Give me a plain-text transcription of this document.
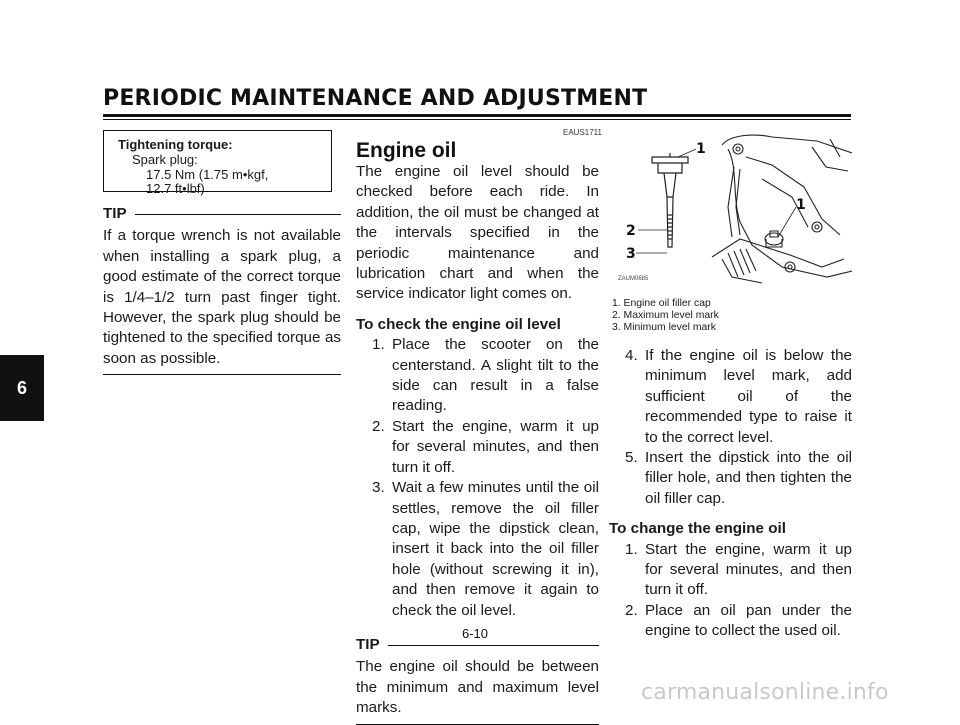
PERIODIC MAINTENANCE AND ADJUSTMENT
6
Tightening torque:
Spark plug:
17.5 Nm (1.75 m•kgf,
12.7 ft•lbf)
TIP

If a torque wrench is not available when installing a spark plug, a good estimate of the correct torque is 1/4–1/2 turn past finger tight. However, the spark plug should be tightened to the specified torque as soon as possible.

EAUS1711
Engine oil

The engine oil level should be checked before each ride. In addition, the oil must be changed at the intervals specified in the periodic maintenance and lubrication chart and when the service indicator light comes on.

To check the engine oil level
1. Place the scooter on the centerstand. A slight tilt to the side can result in a false reading.
2. Start the engine, warm it up for several minutes, and then turn it off.
3. Wait a few minutes until the oil settles, remove the oil filler cap, wipe the dipstick clean, insert it back into the oil filler hole (without screwing it in), and then remove it again to check the oil level.
TIP

The engine oil should be between the minimum and maximum level marks.

1
2
3
1
ZAUM0685
1. Engine oil filler cap
2. Maximum level mark
3. Minimum level mark
4. If the engine oil is below the minimum level mark, add sufficient oil of the recommended type to raise it to the correct level.
5. Insert the dipstick into the oil filler hole, and then tighten the oil filler cap.
To change the engine oil
1. Start the engine, warm it up for several minutes, and then turn it off.
2. Place an oil pan under the engine to collect the used oil.
6-10
carmanualsonline.info
